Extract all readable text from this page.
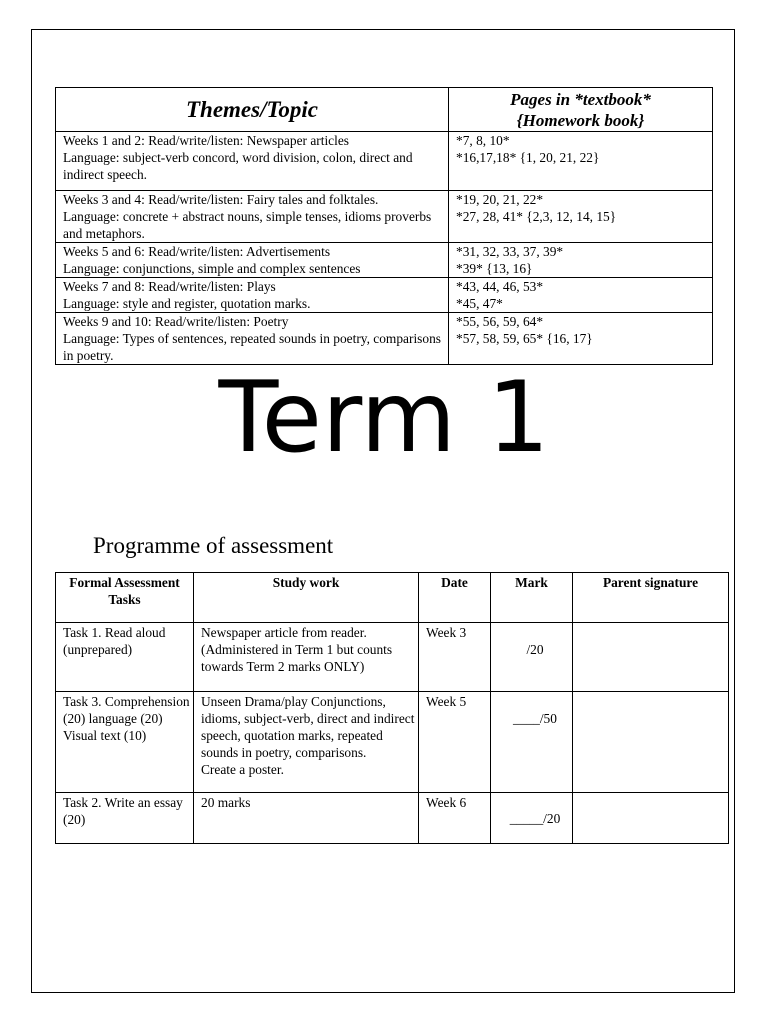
Themes/Topic	Pages in *textbook*
{Homework book}

Weeks 1 and 2: Read/write/listen: Newspaper articles
Language: subject-verb concord, word division, colon, direct and indirect speech.	*7, 8, 10*
*16,17,18* {1, 20, 21, 22}

Weeks 3 and 4: Read/write/listen: Fairy tales and folktales.
Language: concrete + abstract nouns, simple tenses, idioms proverbs and metaphors.	*19, 20, 21, 22*
*27, 28, 41* {2,3, 12, 14, 15}

Weeks 5 and 6: Read/write/listen: Advertisements
Language: conjunctions, simple and complex sentences	*31, 32, 33, 37, 39*
*39* {13, 16}

Weeks 7 and 8: Read/write/listen: Plays
Language: style and register, quotation marks.	*43, 44, 46, 53*
*45, 47*

Weeks 9 and 10: Read/write/listen: Poetry
Language: Types of sentences, repeated sounds in poetry, comparisons in poetry.	*55, 56, 59, 64*
*57, 58, 59, 65* {16, 17}
Term 1
Programme of assessment
Formal Assessment Tasks	Study work	Date	Mark	Parent signature
Task 1. Read aloud (unprepared)	Newspaper article from reader. (Administered in Term 1 but counts towards Term 2 marks ONLY)	Week 3	/20	

Task 3. Comprehension (20) language (20) Visual text (10)	Unseen Drama/play Conjunctions, idioms, subject-verb, direct and indirect speech, quotation marks, repeated sounds in poetry, comparisons.
Create a poster.	Week 5	____/50	

Task 2. Write an essay (20)	20 marks	Week 6	_____/20	
